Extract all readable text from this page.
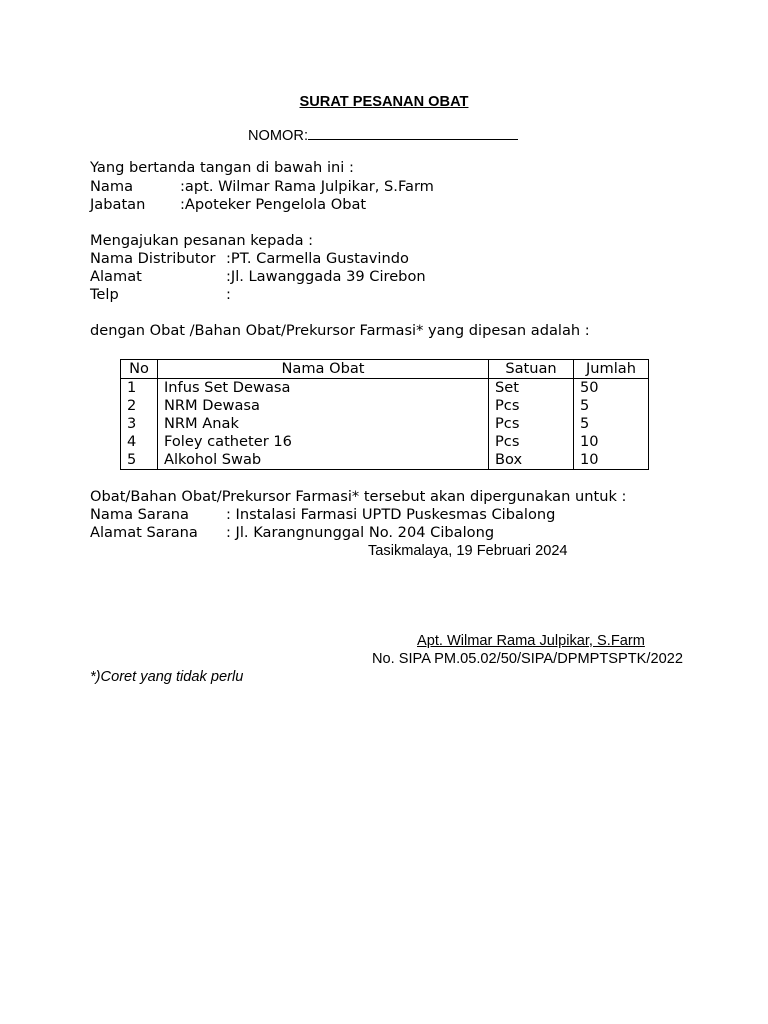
SURAT PESANAN OBAT
NOMOR:
Yang bertanda tangan di bawah ini :
Nama	:apt. Wilmar Rama Julpikar, S.Farm
Jabatan :Apoteker Pengelola Obat
Mengajukan pesanan kepada :
Nama Distributor :PT. Carmella Gustavindo
Alamat	:Jl. Lawanggada 39 Cirebon
Telp	:
dengan Obat /Bahan Obat/Prekursor Farmasi* yang dipesan adalah :
No	Nama Obat	Satuan	Jumlah
1	Infus Set Dewasa	Set	50
2	NRM Dewasa	Pcs	5
3	NRM Anak	Pcs	5
4	Foley catheter 16	Pcs	10
5	Alkohol Swab	Box	10
Obat/Bahan Obat/Prekursor Farmasi* tersebut akan dipergunakan untuk :
Nama Sarana	: Instalasi Farmasi UPTD Puskesmas Cibalong
Alamat Sarana : Jl. Karangnunggal No. 204 Cibalong
Tasikmalaya, 19 Februari 2024
Apt. Wilmar Rama Julpikar, S.Farm
No. SIPA PM.05.02/50/SIPA/DPMPTSPTK/2022
*)Coret yang tidak perlu
